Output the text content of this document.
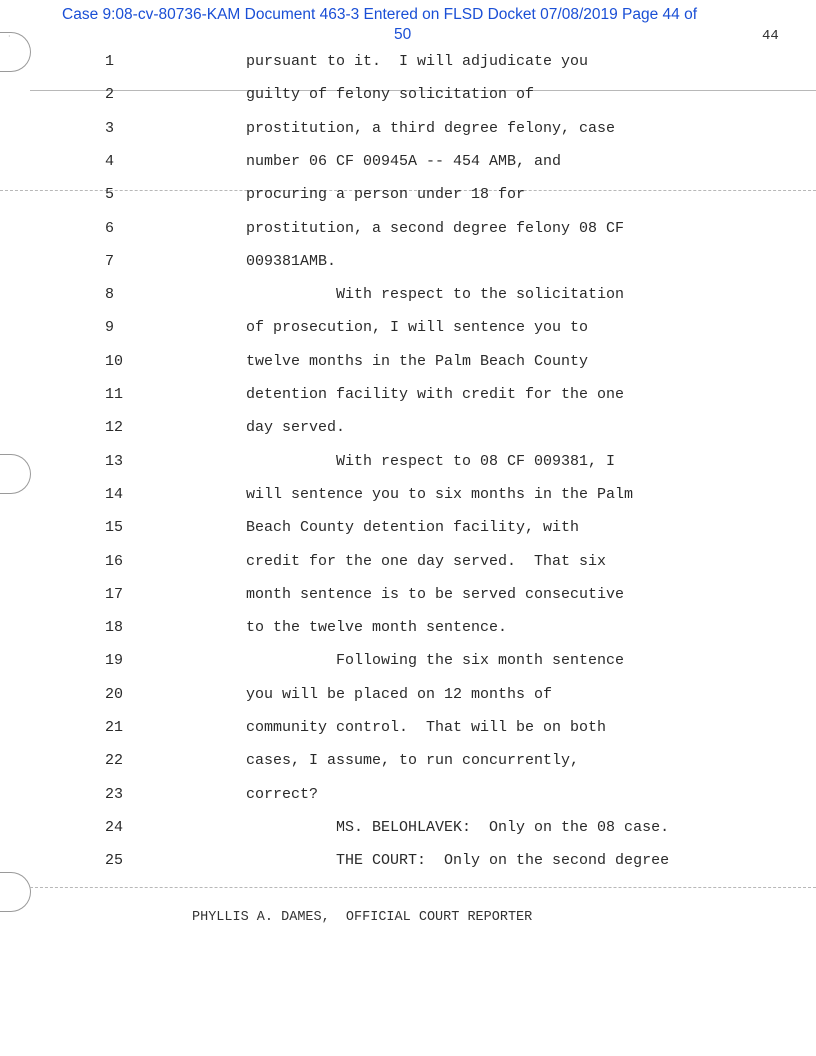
Case 9:08-cv-80736-KAM Document 463-3 Entered on FLSD Docket 07/08/2019 Page 44 of
50	44
·
1	pursuant to it.  I will adjudicate you
2	guilty of felony solicitation of
3	prostitution, a third degree felony, case
4	number 06 CF 00945A -- 454 AMB, and
5	procuring a person under 18 for
6	prostitution, a second degree felony 08 CF
7	009381AMB.
8	With respect to the solicitation
9	of prosecution, I will sentence you to
10	twelve months in the Palm Beach County
11	detention facility with credit for the one
12	day served.
13	With respect to 08 CF 009381, I
14	will sentence you to six months in the Palm
15	Beach County detention facility, with
16	credit for the one day served.  That six
17	month sentence is to be served consecutive
18	to the twelve month sentence.
19	Following the six month sentence
20	you will be placed on 12 months of
21	community control.  That will be on both
22	cases, I assume, to run concurrently,
23	correct?
24	MS. BELOHLAVEK:  Only on the 08 case.
25	THE COURT:  Only on the second degree
PHYLLIS A. DAMES,  OFFICIAL COURT REPORTER
